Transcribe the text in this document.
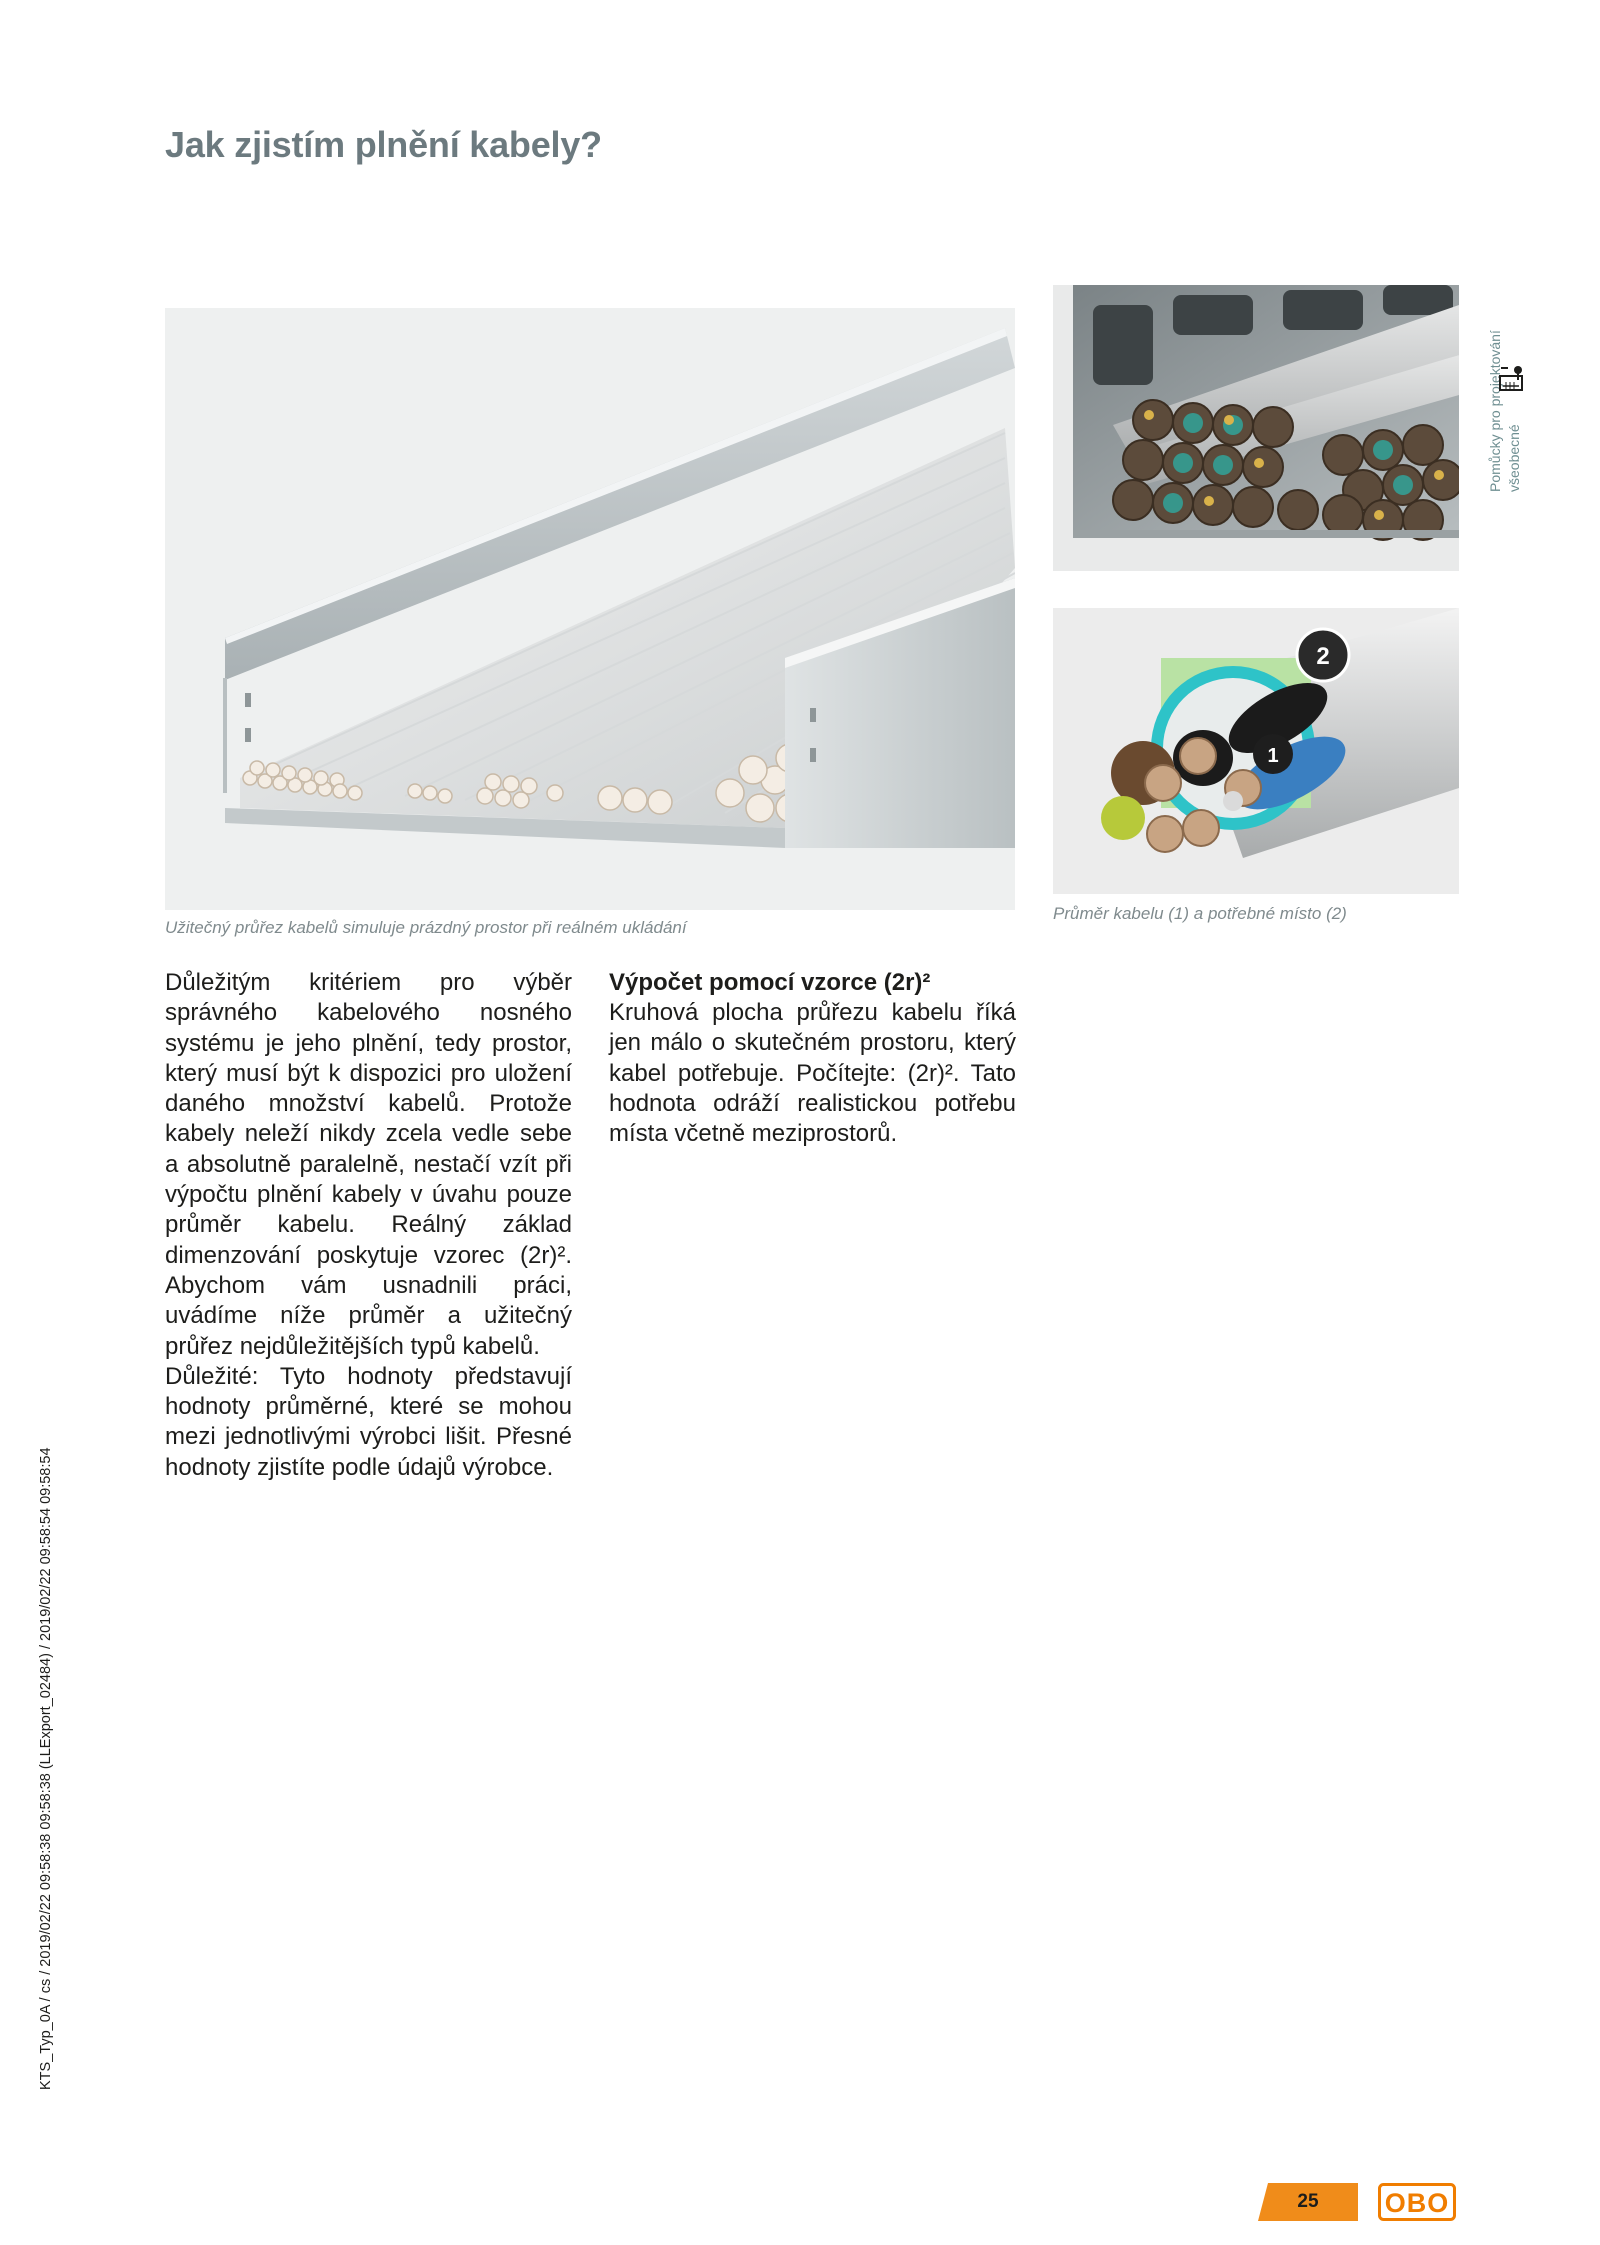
Jak zjistím plnění kabely?
Pomůcky pro projektování všeobecné
2
1

Užitečný průřez kabelů simuluje prázdný prostor při reálném ukládání

Průměr kabelu (1) a potřebné místo (2)

Důležitým kritériem pro výběr správného kabelového nosného systému je jeho plnění, tedy prostor, který musí být k dispozici pro uložení daného množství kabelů. Protože kabely neleží nikdy zcela vedle sebe a absolutně paralelně, nestačí vzít při výpočtu plnění kabely v úvahu pouze průměr kabelu. Reálný základ dimenzování poskytuje vzorec (2r)². Abychom vám usnadnili práci, uvádíme níže průměr a užitečný průřez nejdůležitějších typů kabelů.

Důležité: Tyto hodnoty představují hodnoty průměrné, které se mohou mezi jednotlivými výrobci lišit. Přesné hodnoty zjistíte podle údajů výrobce.

Výpočet pomocí vzorce (2r)²

Kruhová plocha průřezu kabelu říká jen málo o skutečném prostoru, který kabel potřebuje. Počítejte: (2r)². Tato hodnota odráží realistickou potřebu místa včetně meziprostorů.

KTS_Typ_0A / cs / 2019/02/22 09:58:38 09:58:38 (LLExport_02484) / 2019/02/22 09:58:54 09:58:54
25	OBO
